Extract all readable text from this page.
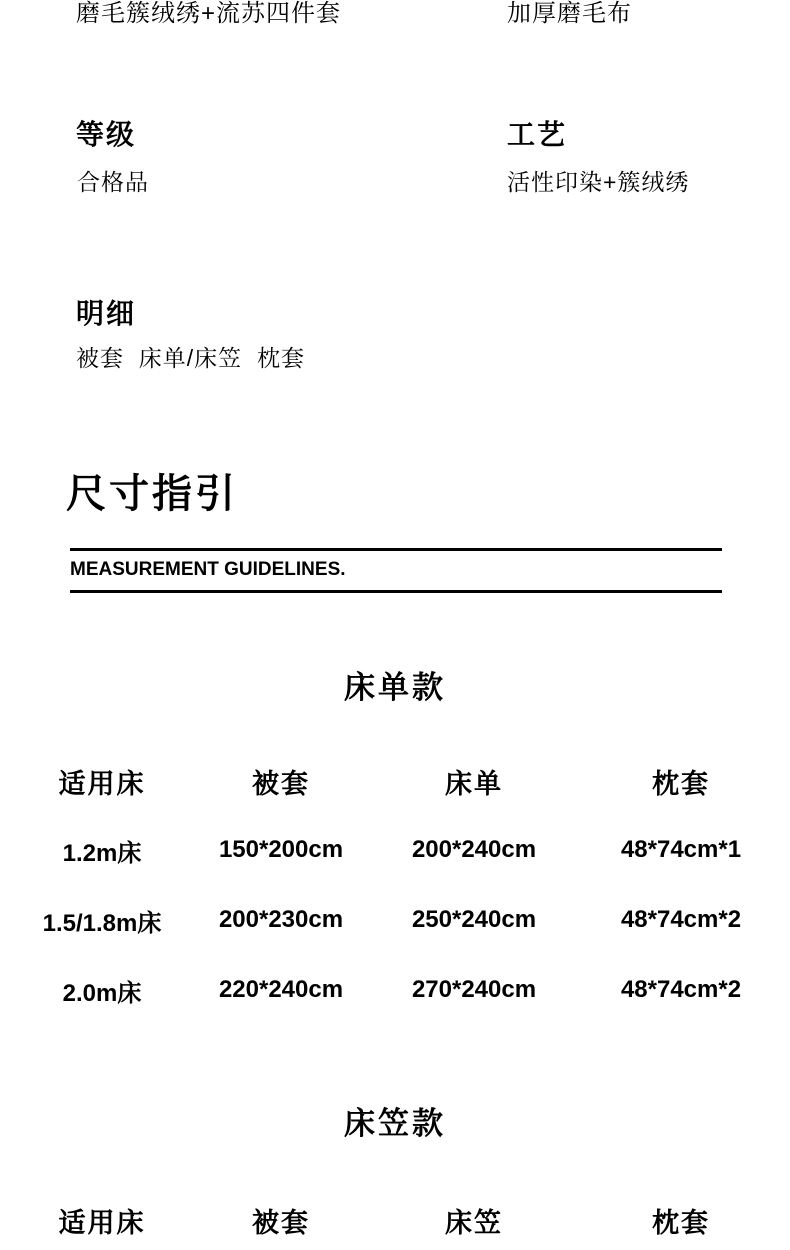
磨毛簇绒绣+流苏四件套	加厚磨毛布
等级
合格品
工艺
活性印染+簇绒绣
明细
被套  床单/床笠  枕套
尺寸指引
MEASUREMENT GUIDELINES.
床单款
适用床	被套	床单	枕套
1.2m床	150*200cm	200*240cm	48*74cm*1
1.5/1.8m床	200*230cm	250*240cm	48*74cm*2
2.0m床	220*240cm	270*240cm	48*74cm*2
床笠款
适用床	被套	床笠	枕套
